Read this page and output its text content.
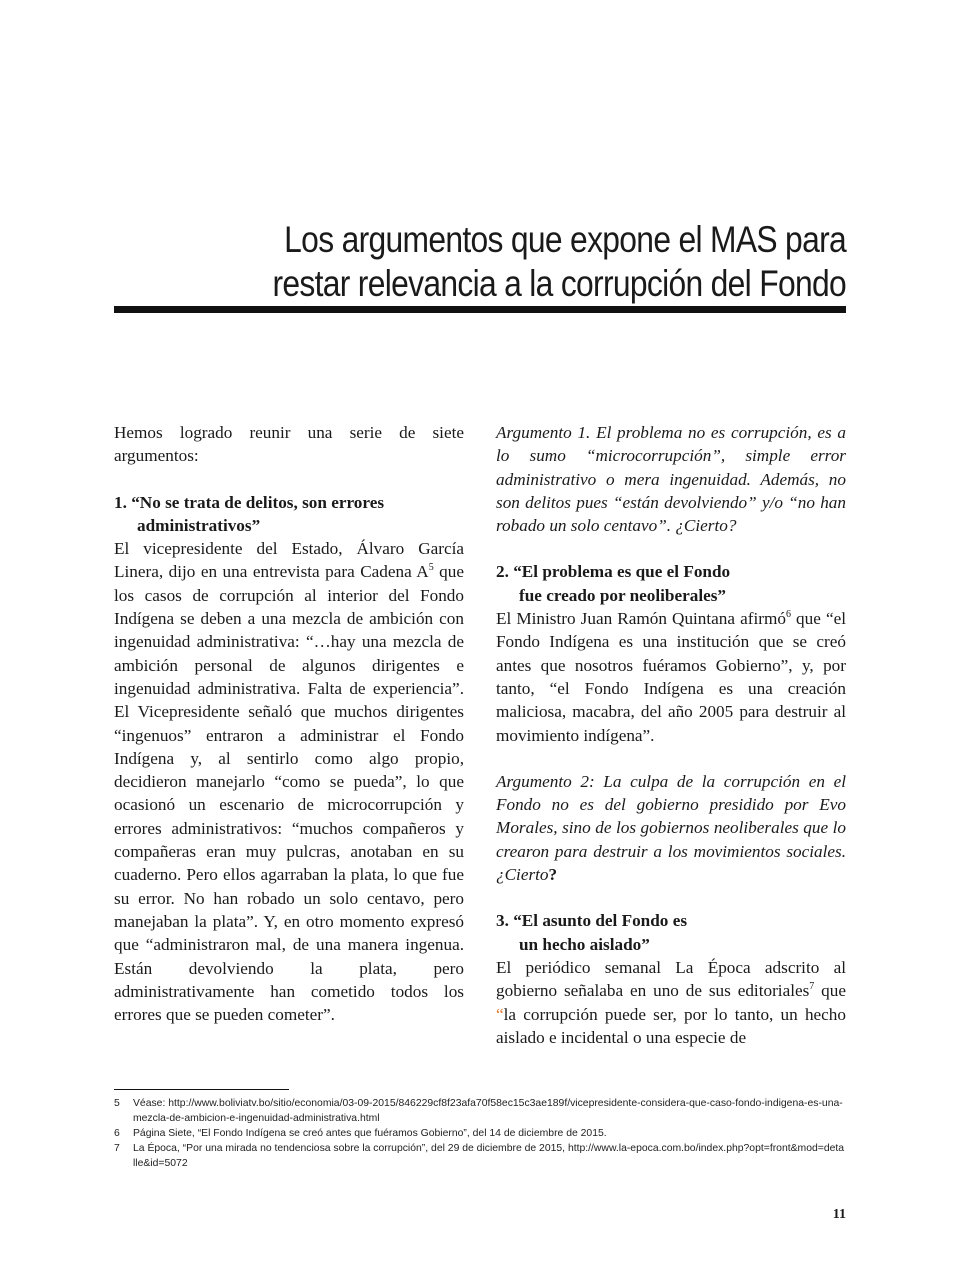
Los argumentos que expone el MAS para
restar relevancia a la corrupción del Fondo

Hemos logrado reunir una serie de siete argumentos:

1. “No se trata de delitos, son errores
administrativos”

El vicepresidente del Estado, Álvaro García Linera, dijo en una entrevista para Cadena $A^5$ que los casos de corrupción al interior del Fondo Indígena se deben a una mezcla de ambición con ingenuidad administrativa: “…hay una mezcla de ambición personal de algunos dirigentes e ingenuidad administrativa. Falta de experiencia”. El Vicepresidente señaló que muchos dirigentes “ingenuos” entraron a administrar el Fondo Indígena y, al sentirlo como algo propio, decidieron manejarlo “como se pueda”, lo que ocasionó un escenario de microcorrupción y errores administrativos: “muchos compañeros y compañeras eran muy pulcras, anotaban en su cuaderno. Pero ellos agarraban la plata, lo que fue su error. No han robado un solo centavo, pero manejaban la plata”. Y, en otro momento expresó que “administraron mal, de una manera ingenua. Están devolviendo la plata, pero administrativamente han cometido todos los errores que se pueden cometer”.

Argumento 1. El problema no es corrupción, es a lo sumo “microcorrupción”, simple error administrativo o mera ingenuidad. Además, no son delitos pues “están devolviendo” y/o “no han robado un solo centavo”. ¿Cierto?

2. “El problema es que el Fondo
fue creado por neoliberales”

El Ministro Juan Ramón Quintana afirmó$^6$ que “el Fondo Indígena es una institución que se creó antes que nosotros fuéramos Gobierno”, y, por tanto, “el Fondo Indígena es una creación maliciosa, macabra, del año 2005 para destruir al movimiento indígena”.

Argumento 2: La culpa de la corrupción en el Fondo no es del gobierno presidido por Evo Morales, sino de los gobiernos neoliberales que lo crearon para destruir a los movimientos sociales. ¿Cierto?

3. “El asunto del Fondo es
un hecho aislado”

El periódico semanal La Época adscrito al gobierno señalaba en uno de sus editoriales$^7$ que “la corrupción puede ser, por lo tanto, un hecho aislado e incidental o una especie de

5	Véase: http://www.boliviatv.bo/sitio/economia/03-09-2015/846229cf8f23afa70f58ec15c3ae189f/vicepresidente-considera-que-caso-fondo-indigena-es-una-mezcla-de-ambicion-e-ingenuidad-administrativa.html
6	Página Siete, “El Fondo Indígena se creó antes que fuéramos Gobierno”, del 14 de diciembre de 2015.
7	La Época, “Por una mirada no tendenciosa sobre la corrupción”, del 29 de diciembre de 2015, http://www.la-epoca.com.bo/index.php?opt=front&mod=detalle&id=5072
11
